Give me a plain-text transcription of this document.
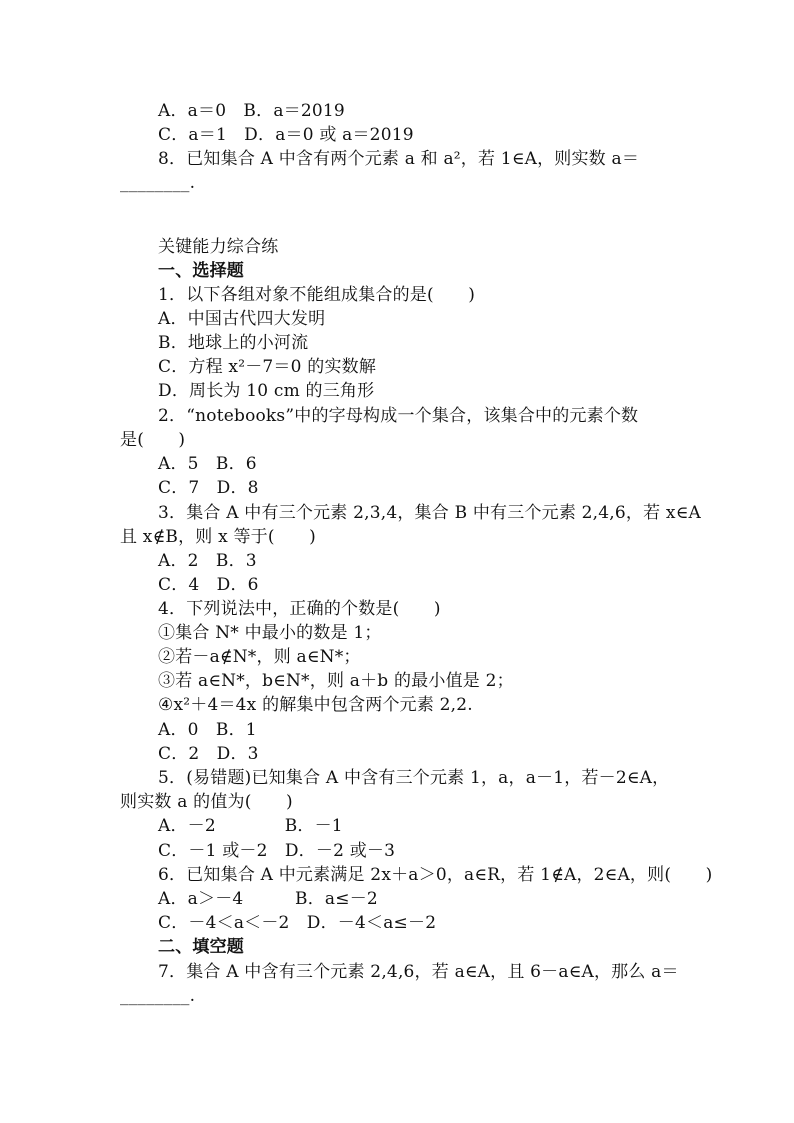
A．a＝0　B．a＝2019
C．a＝1　D．a＝0 或 a＝2019
8．已知集合 A 中含有两个元素 a 和 a²，若 1∈A，则实数 a＝
________.
关键能力综合练
一、选择题
1．以下各组对象不能组成集合的是(　　)
A．中国古代四大发明
B．地球上的小河流
C．方程 x²－7＝0 的实数解
D．周长为 10 cm 的三角形
2．“notebooks”中的字母构成一个集合，该集合中的元素个数
是(　　)
A．5　B．6
C．7　D．8
3．集合 A 中有三个元素 2,3,4，集合 B 中有三个元素 2,4,6，若 x∈A
且 x∉B，则 x 等于(　　)
A．2　B．3
C．4　D．6
4．下列说法中，正确的个数是(　　)
①集合 N* 中最小的数是 1；
②若－a∉N*，则 a∈N*；
③若 a∈N*，b∈N*，则 a＋b 的最小值是 2；
④x²＋4＝4x 的解集中包含两个元素 2,2.
A．0　B．1
C．2　D．3
5．(易错题)已知集合 A 中含有三个元素 1，a，a－1，若－2∈A，
则实数 a 的值为(　　)
A．－2　　　　B．－1
C．－1 或－2　D．－2 或－3
6．已知集合 A 中元素满足 2x＋a＞0，a∈R，若 1∉A，2∈A，则(　　)
A．a＞－4　　　B．a≤－2
C．－4＜a＜－2　D．－4＜a≤－2
二、填空题
7．集合 A 中含有三个元素 2,4,6，若 a∈A，且 6－a∈A，那么 a＝
________.
